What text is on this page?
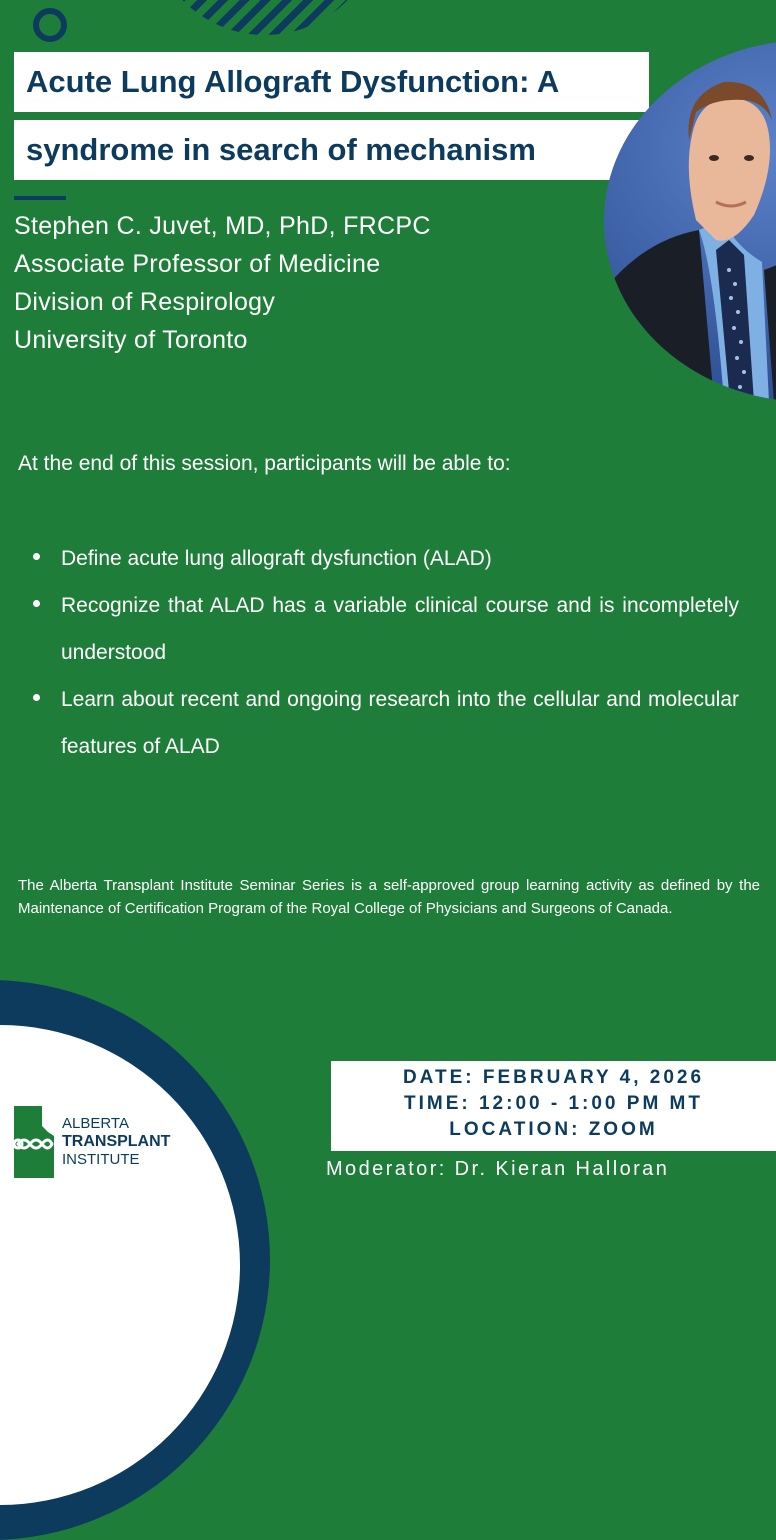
Acute Lung Allograft Dysfunction: A
syndrome in search of mechanism
Stephen C. Juvet, MD, PhD, FRCPC
Associate Professor of Medicine
Division of Respirology
University of Toronto
At the end of this session, participants will be able to:
Define acute lung allograft dysfunction (ALAD)
Recognize that ALAD has a variable clinical course and is incompletely understood
Learn about recent and ongoing research into the cellular and molecular features of ALAD
The Alberta Transplant Institute Seminar Series is a self-approved group learning activity as defined by the Maintenance of Certification Program of the Royal College of Physicians and Surgeons of Canada.
ALBERTA
TRANSPLANT
INSTITUTE
DATE: FEBRUARY 4, 2026
TIME: 12:00 - 1:00 PM MT
LOCATION: ZOOM
Moderator: Dr. Kieran Halloran
